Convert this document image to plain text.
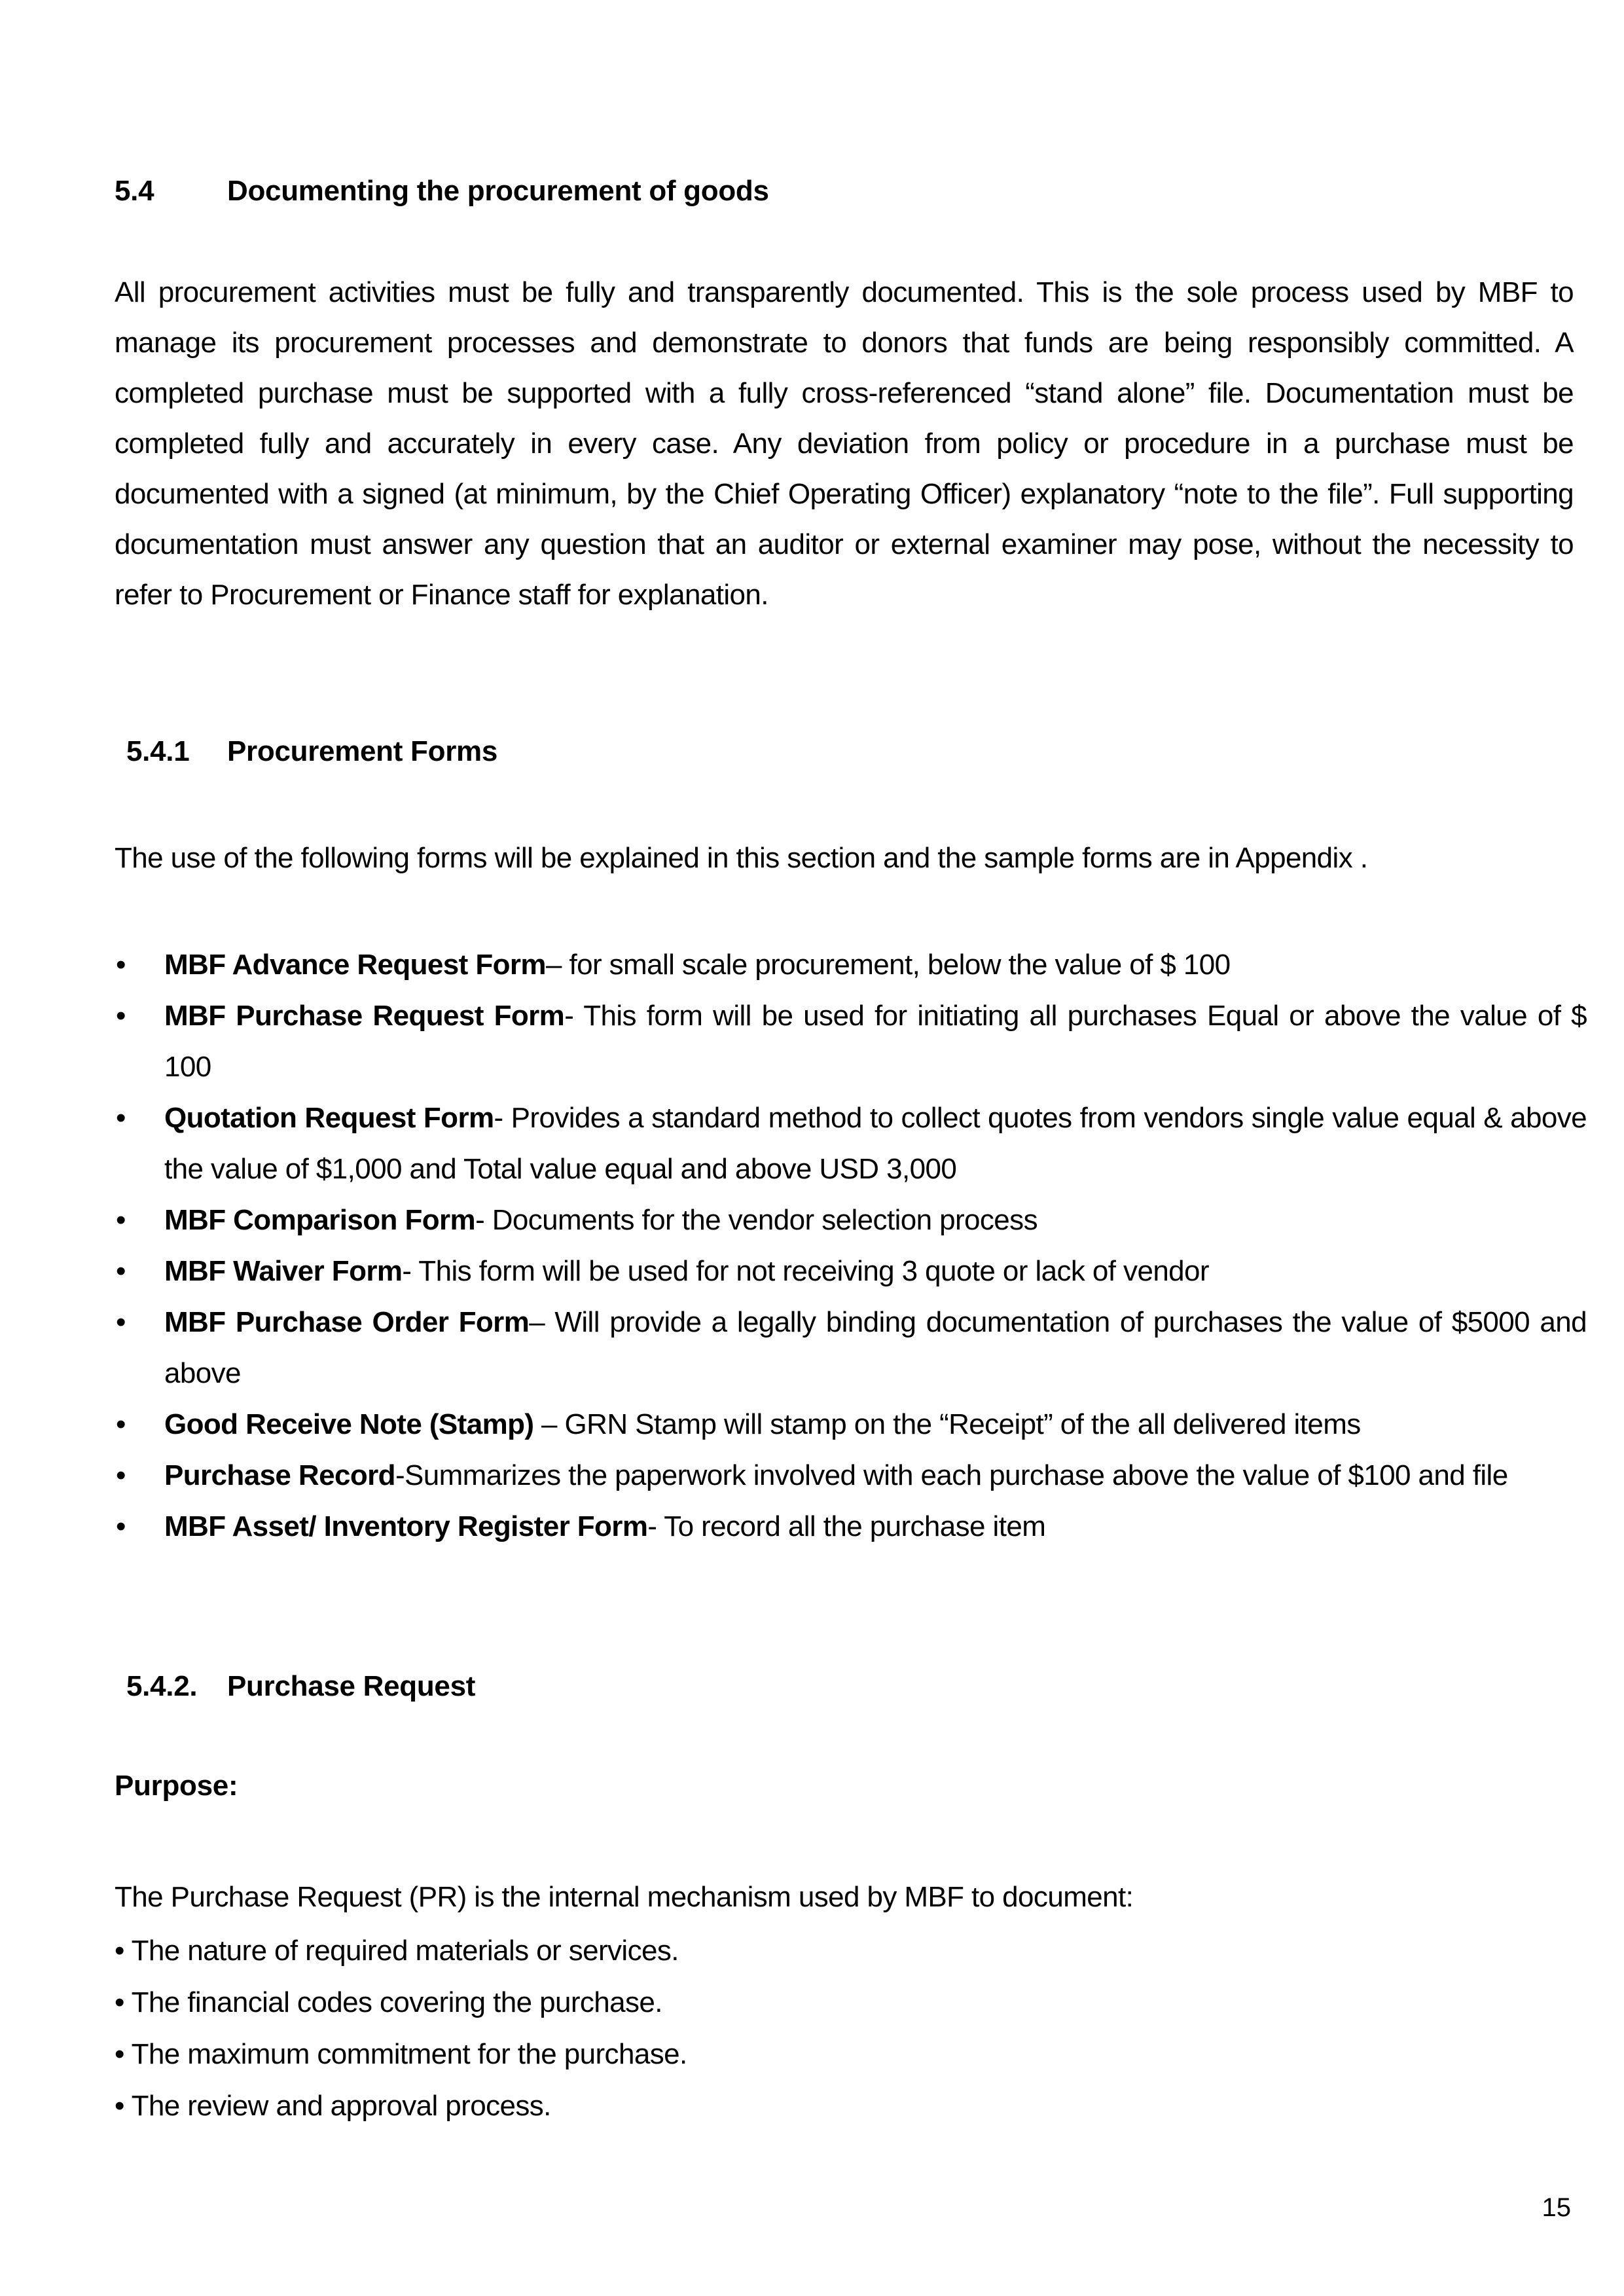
5.4	Documenting the procurement of goods

All procurement activities must be fully and transparently documented. This is the sole process used by MBF to manage its procurement processes and demonstrate to donors that funds are being responsibly committed. A completed purchase must be supported with a fully cross-referenced “stand alone” file. Documentation must be completed fully and accurately in every case. Any deviation from policy or procedure in a purchase must be documented with a signed (at minimum, by the Chief Operating Officer) explanatory “note to the file”. Full supporting documentation must answer any question that an auditor or external examiner may pose, without the necessity to refer to Procurement or Finance staff for explanation.

5.4.1 Procurement Forms

The use of the following forms will be explained in this section and the sample forms are in Appendix .

• MBF Advance Request Form– for small scale procurement, below the value of $ 100
• MBF Purchase Request Form- This form will be used for initiating all purchases Equal or above the value of $ 100
• Quotation Request Form- Provides a standard method to collect quotes from vendors single value equal & above the value of $1,000 and Total value equal and above USD 3,000
• MBF Comparison Form- Documents for the vendor selection process
• MBF Waiver Form- This form will be used for not receiving 3 quote or lack of vendor
• MBF Purchase Order Form– Will provide a legally binding documentation of purchases the value of $5000 and above
• Good Receive Note (Stamp) – GRN Stamp will stamp on the “Receipt” of the all delivered items
• Purchase Record-Summarizes the paperwork involved with each purchase above the value of $100 and file
• MBF Asset/ Inventory Register Form- To record all the purchase item
5.4.2. Purchase Request
Purpose:

The Purchase Request (PR) is the internal mechanism used by MBF to document:

• The nature of required materials or services.
• The financial codes covering the purchase.
• The maximum commitment for the purchase.
• The review and approval process.
15
